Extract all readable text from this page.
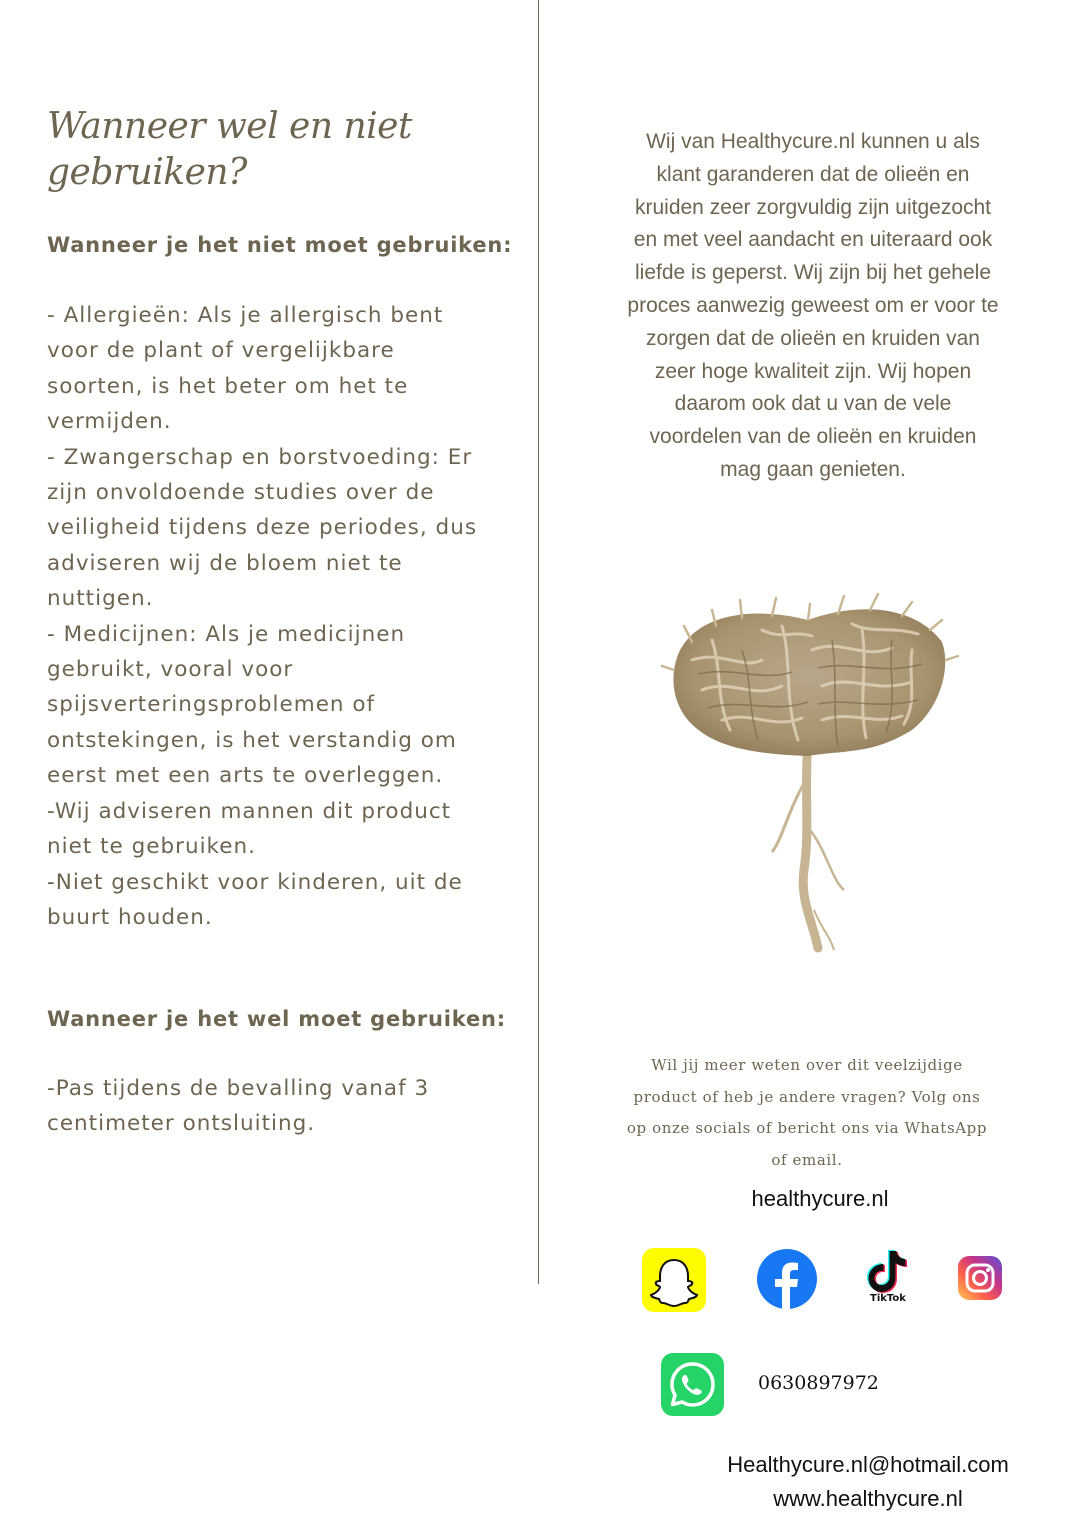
Wanneer wel en niet
gebruiken?
Wanneer je het niet moet gebruiken:
- Allergieën: Als je allergisch bent
voor de plant of vergelijkbare
soorten, is het beter om het te
vermijden.
- Zwangerschap en borstvoeding: Er
zijn onvoldoende studies over de
veiligheid tijdens deze periodes, dus
adviseren wij de bloem niet te
nuttigen.
- Medicijnen: Als je medicijnen
gebruikt, vooral voor
spijsverteringsproblemen of
ontstekingen, is het verstandig om
eerst met een arts te overleggen.
-Wij adviseren mannen dit product
niet te gebruiken.
-Niet geschikt voor kinderen, uit de
buurt houden.
Wanneer je het wel moet gebruiken:
-Pas tijdens de bevalling vanaf 3
centimeter ontsluiting.
Wij van Healthycure.nl kunnen u als
klant garanderen dat de olieën en
kruiden zeer zorgvuldig zijn uitgezocht
en met veel aandacht en uiteraard ook
liefde is geperst. Wij zijn bij het gehele
proces aanwezig geweest om er voor te
zorgen dat de olieën en kruiden van
zeer hoge kwaliteit zijn. Wij hopen
daarom ook dat u van de vele
voordelen van de olieën en kruiden
mag gaan genieten.
Wil jij meer weten over dit veelzijdige
product of heb je andere vragen? Volg ons
op onze socials of bericht ons via WhatsApp
of email.
healthycure.nl
TikTok
0630897972
Healthycure.nl@hotmail.com
www.healthycure.nl
